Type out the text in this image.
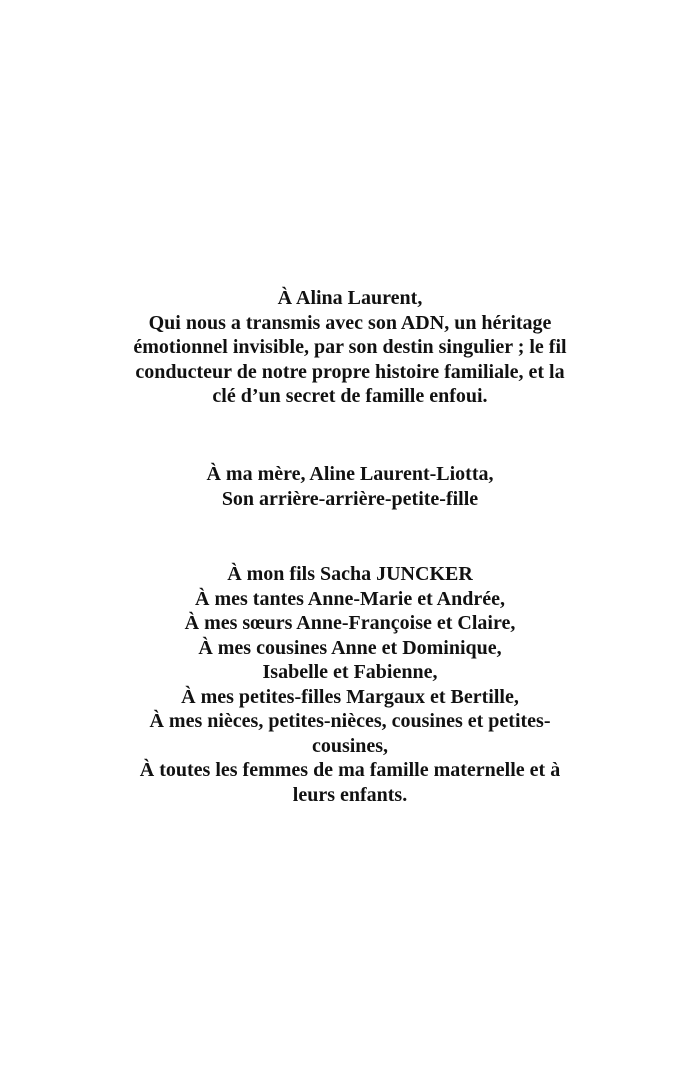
À Alina Laurent,
Qui nous a transmis avec son ADN, un héritage
émotionnel invisible, par son destin singulier ; le fil
conducteur de notre propre histoire familiale, et la
clé d’un secret de famille enfoui.
À ma mère, Aline Laurent-Liotta,
Son arrière-arrière-petite-fille
À mon fils Sacha JUNCKER
À mes tantes Anne-Marie et Andrée,
À mes sœurs Anne-Françoise et Claire,
À mes cousines Anne et Dominique,
Isabelle et Fabienne,
À mes petites-filles Margaux et Bertille,
À mes nièces, petites-nièces, cousines et petites-
cousines,
À toutes les femmes de ma famille maternelle et à
leurs enfants.
